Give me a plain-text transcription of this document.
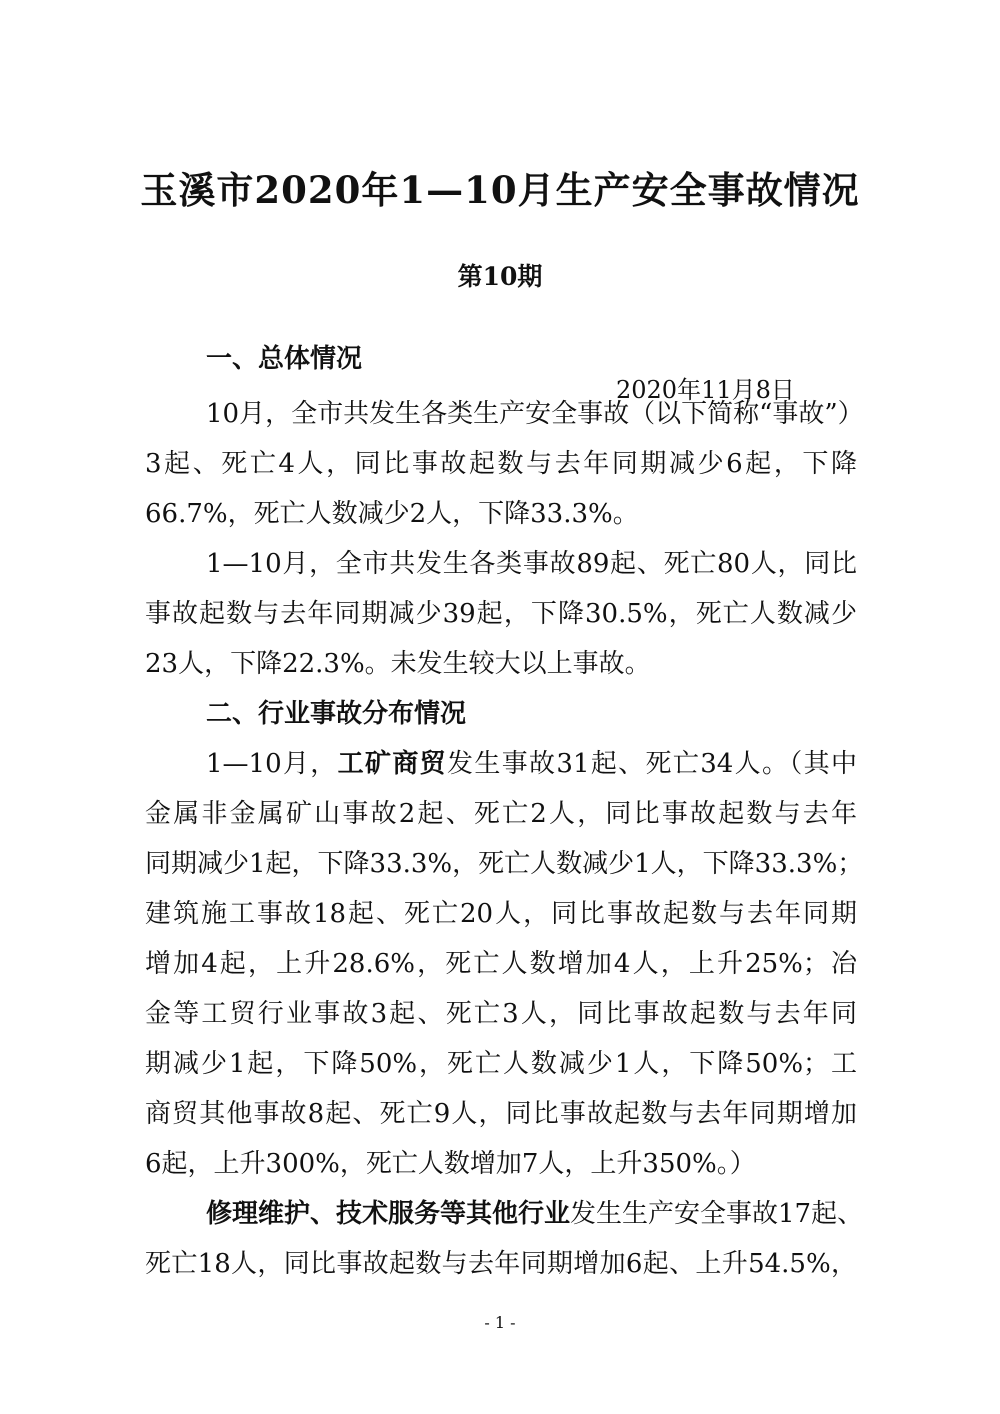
玉溪市2020年1—10月生产安全事故情况
第10期
一、总体情况
10月，全市共发生各类生产安全事故（以下简称“事故”）
2020年11月8日
3起、死亡4人，同比事故起数与去年同期减少6起，下降
66.7%，死亡人数减少2人，下降33.3%。
1—10月，全市共发生各类事故89起、死亡80人，同比
事故起数与去年同期减少39起，下降30.5%，死亡人数减少
23人，下降22.3%。未发生较大以上事故。
二、行业事故分布情况
1—10月，工矿商贸发生事故31起、死亡34人。（其中
金属非金属矿山事故2起、死亡2人，同比事故起数与去年
同期减少1起，下降33.3%，死亡人数减少1人，下降33.3%；
建筑施工事故18起、死亡20人，同比事故起数与去年同期
增加4起，上升28.6%，死亡人数增加4人，上升25%；冶
金等工贸行业事故3起、死亡3人，同比事故起数与去年同
期减少1起，下降50%，死亡人数减少1人，下降50%；工
商贸其他事故8起、死亡9人，同比事故起数与去年同期增加
6起，上升300%，死亡人数增加7人，上升350%。）
修理维护、技术服务等其他行业发生生产安全事故17起、
死亡18人，同比事故起数与去年同期增加6起、上升54.5%，
- 1 -
